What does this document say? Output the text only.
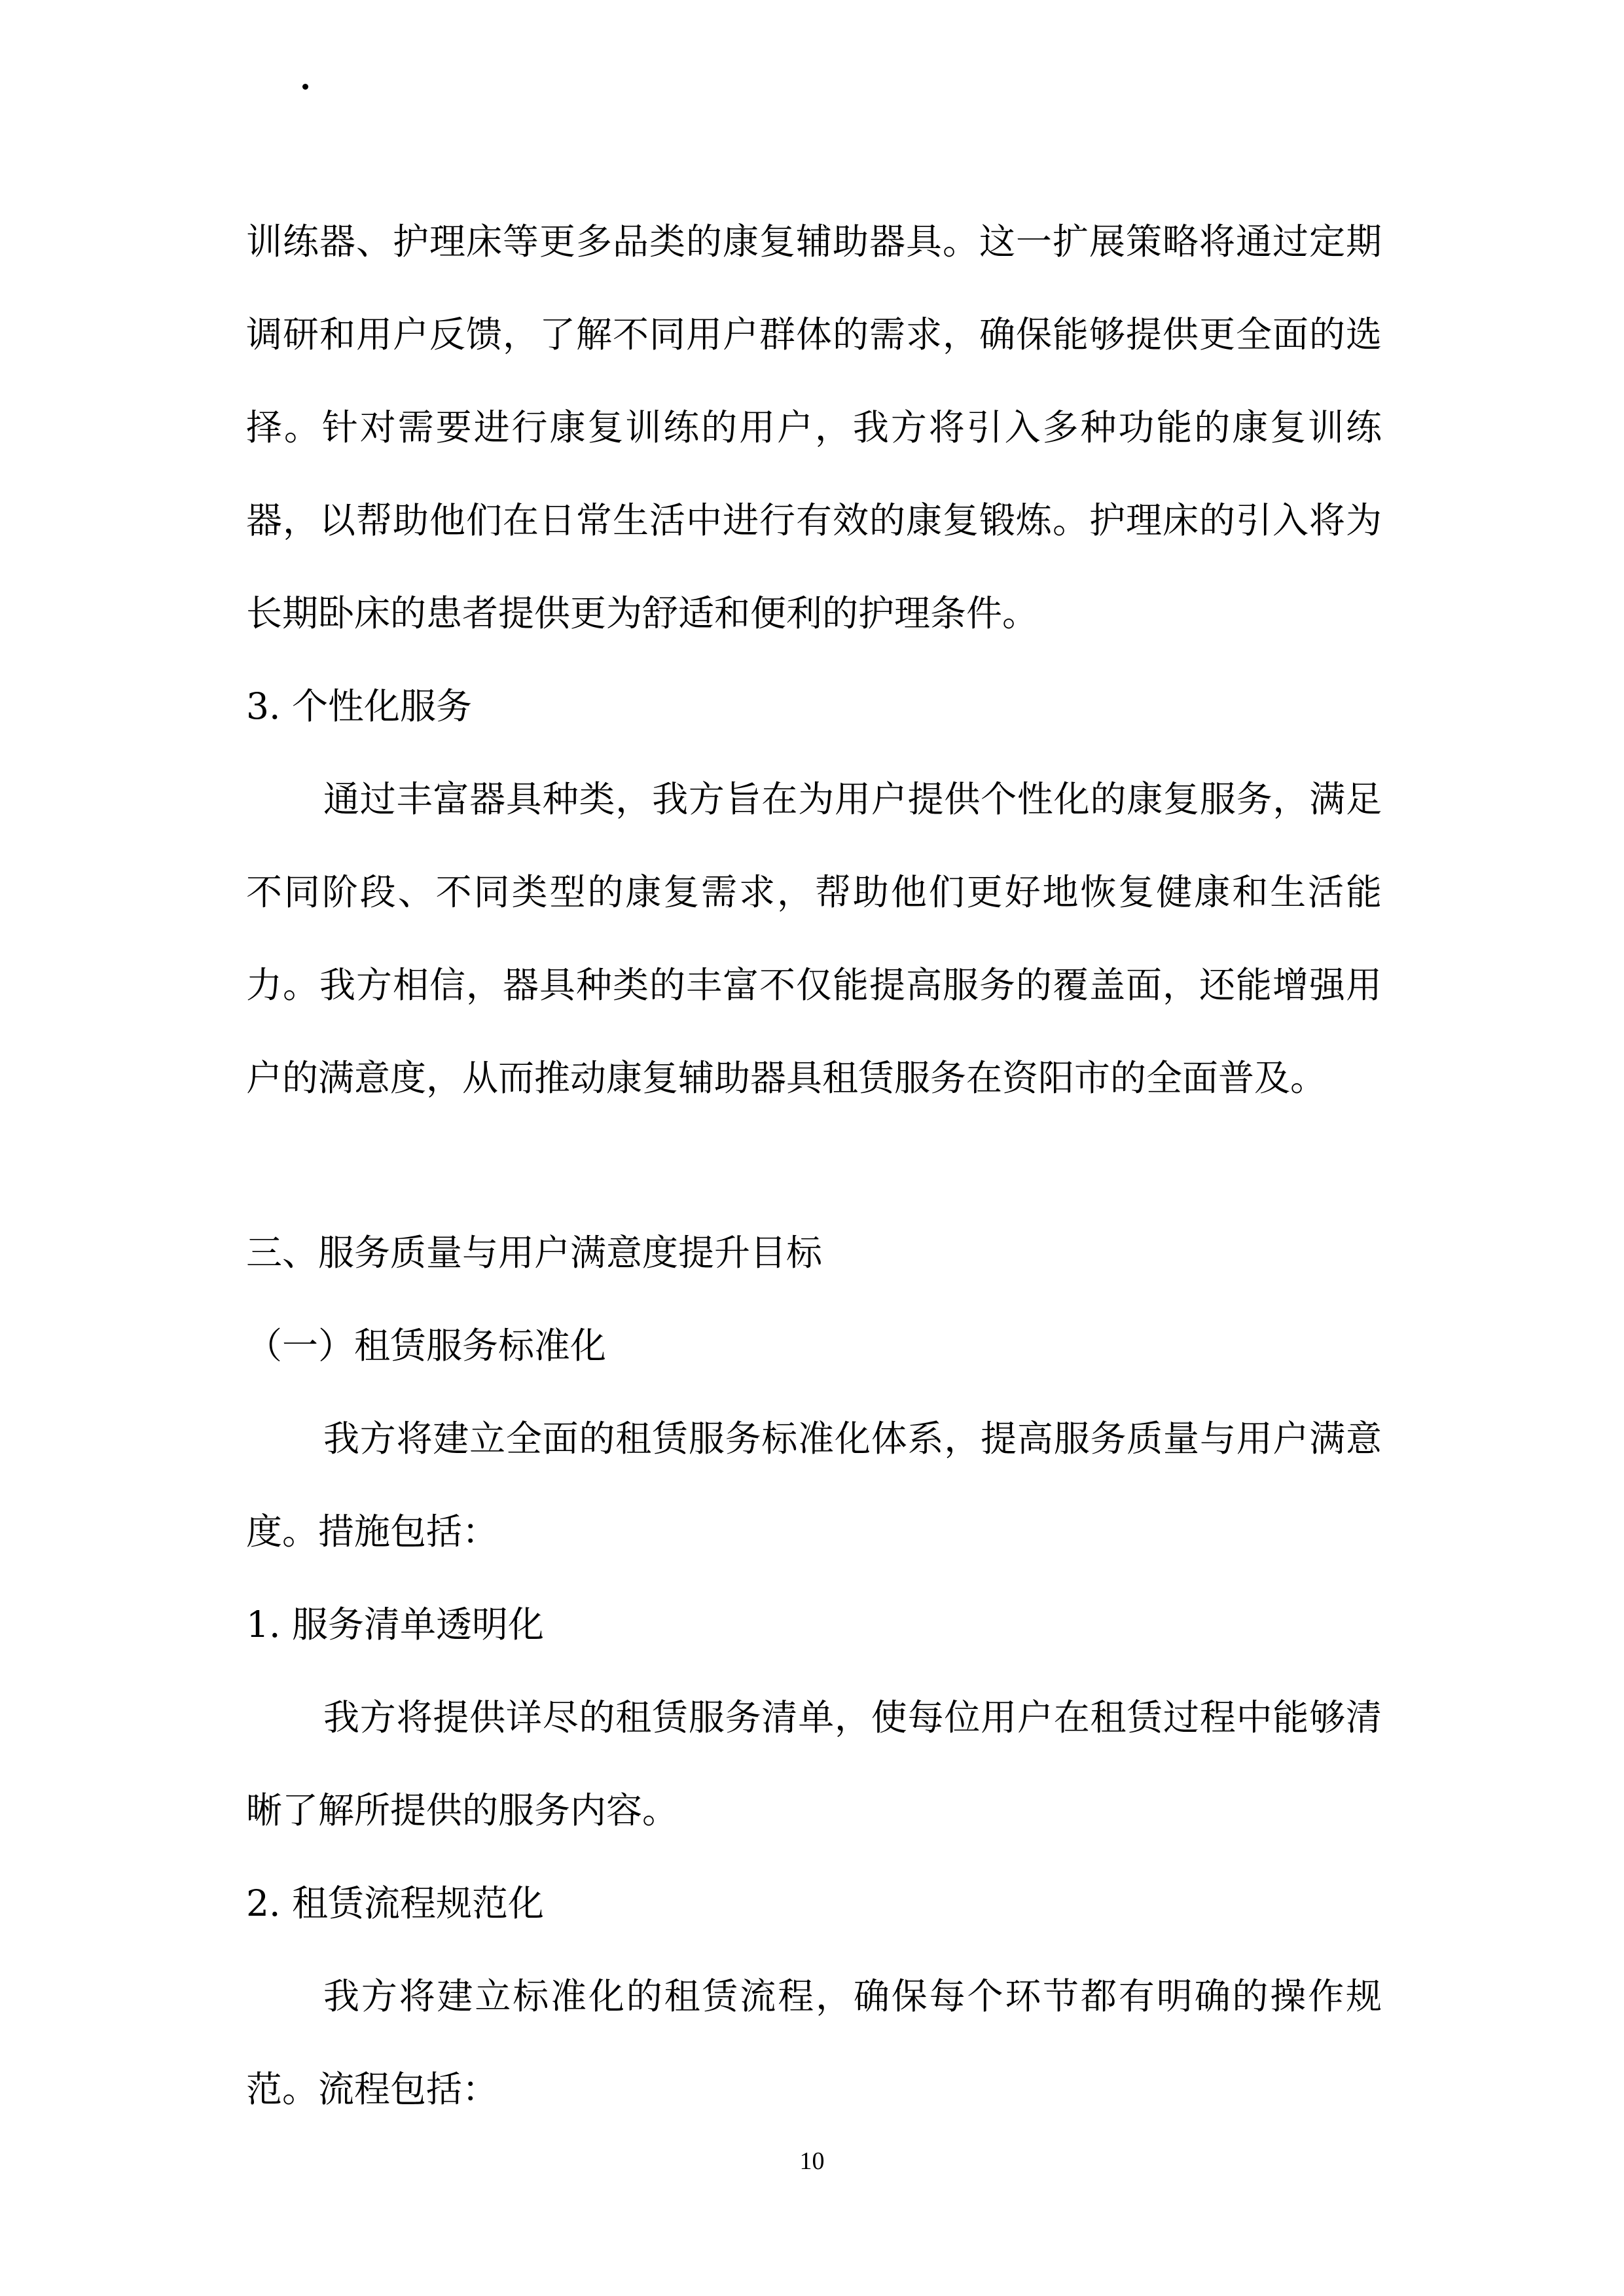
训练器、护理床等更多品类的康复辅助器具。这一扩展策略将通过定期调研和用户反馈，了解不同用户群体的需求，确保能够提供更全面的选择。针对需要进行康复训练的用户，我方将引入多种功能的康复训练器，以帮助他们在日常生活中进行有效的康复锻炼。护理床的引入将为长期卧床的患者提供更为舒适和便利的护理条件。

3. 个性化服务

通过丰富器具种类，我方旨在为用户提供个性化的康复服务，满足不同阶段、不同类型的康复需求，帮助他们更好地恢复健康和生活能力。我方相信，器具种类的丰富不仅能提高服务的覆盖面，还能增强用户的满意度，从而推动康复辅助器具租赁服务在资阳市的全面普及。

三、服务质量与用户满意度提升目标

（一）租赁服务标准化

我方将建立全面的租赁服务标准化体系，提高服务质量与用户满意度。措施包括：

1. 服务清单透明化

我方将提供详尽的租赁服务清单，使每位用户在租赁过程中能够清晰了解所提供的服务内容。

2. 租赁流程规范化

我方将建立标准化的租赁流程，确保每个环节都有明确的操作规范。流程包括：

10
